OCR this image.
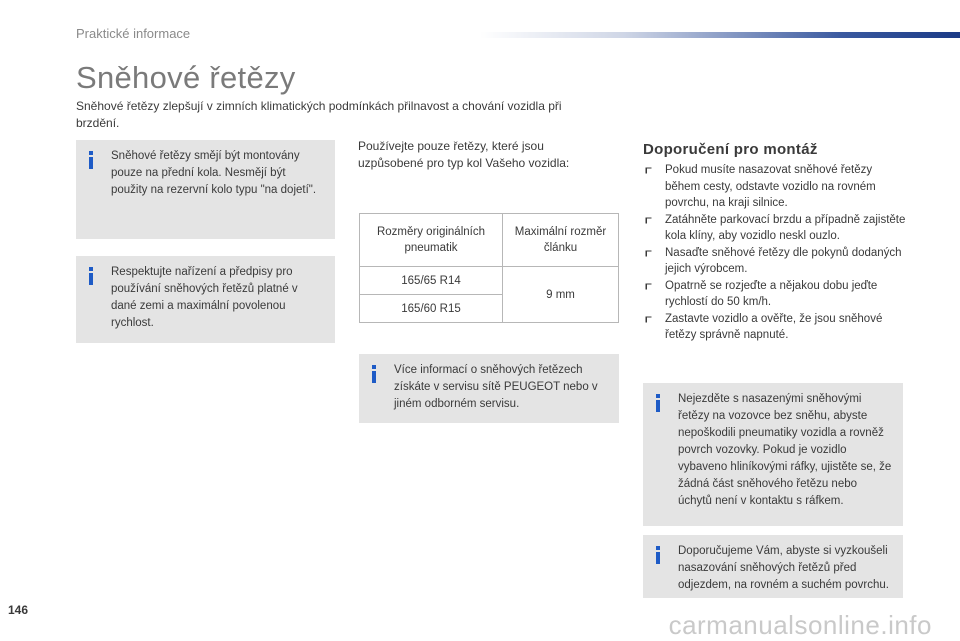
Praktické informace
Sněhové řetězy
Sněhové řetězy zlepšují v zimních klimatických podmínkách přilnavost a chování vozidla při brzdění.
Sněhové řetězy smějí být montovány pouze na přední kola. Nesmějí být použity na rezervní kolo typu "na dojetí".
Respektujte nařízení a předpisy pro používání sněhových řetězů platné v dané zemi a maximální povolenou rychlost.
Používejte pouze řetězy, které jsou uzpůsobené pro typ kol Vašeho vozidla:
Rozměry originálních pneumatik	Maximální rozměr článku
165/65 R14	9 mm
165/60 R15	
Více informací o sněhových řetězech získáte v servisu sítě PEUGEOT nebo v jiném odborném servisu.
Doporučení pro montáž
Pokud musíte nasazovat sněhové řetězy během cesty, odstavte vozidlo na rovném povrchu, na kraji silnice.
Zatáhněte parkovací brzdu a případně zajistěte kola klíny, aby vozidlo neskl ouzlo.
Nasaďte sněhové řetězy dle pokynů dodaných jejich výrobcem.
Opatrně se rozjeďte a nějakou dobu jeďte rychlostí do 50 km/h.
Zastavte vozidlo a ověřte, že jsou sněhové řetězy správně napnuté.
Nejezděte s nasazenými sněhovými řetězy na vozovce bez sněhu, abyste nepoškodili pneumatiky vozidla a rovněž povrch vozovky. Pokud je vozidlo vybaveno hliníkovými ráfky, ujistěte se, že žádná část sněhového řetězu nebo úchytů není v kontaktu s ráfkem.
Doporučujeme Vám, abyste si vyzkoušeli nasazování sněhových řetězů před odjezdem, na rovném a suchém povrchu.
146	carmanualsonline.info
